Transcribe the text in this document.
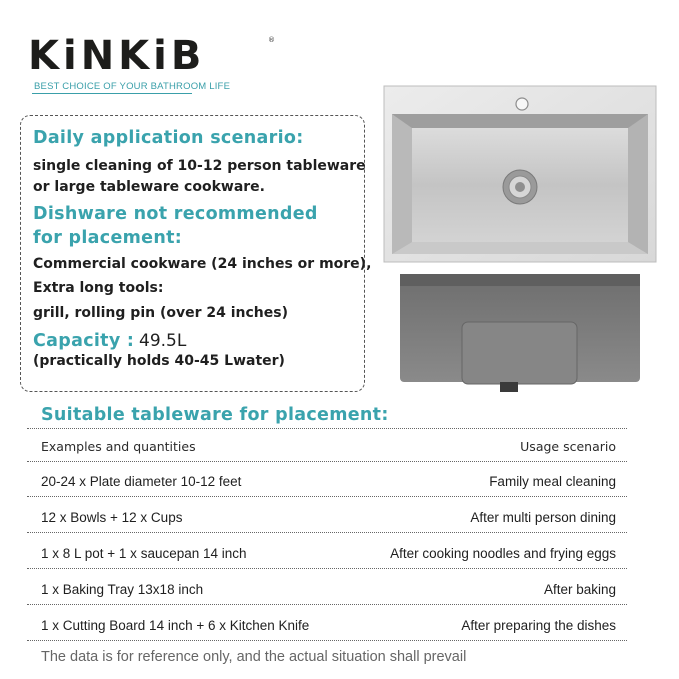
KiNKiB	®
BEST CHOICE OF YOUR BATHROOM LIFE
Daily application scenario:
single cleaning of 10-12 person tableware
or large tableware cookware.
Dishware not recommended
for placement:
Commercial cookware (24 inches or more),
Extra long tools:
grill, rolling pin (over 24 inches)
Capacity : 49.5L
(practically holds 40-45 Lwater)
Suitable tableware for placement:
Examples and quantities	Usage scenario
20-24 x Plate diameter 10-12 feet	Family meal cleaning
12 x Bowls + 12 x Cups	After multi person dining
1 x 8 L pot + 1 x saucepan 14 inch	After cooking noodles and frying eggs
1 x Baking Tray 13x18 inch	After baking
1 x Cutting Board 14 inch + 6 x Kitchen Knife	After preparing the dishes
The data is for reference only, and the actual situation shall prevail
